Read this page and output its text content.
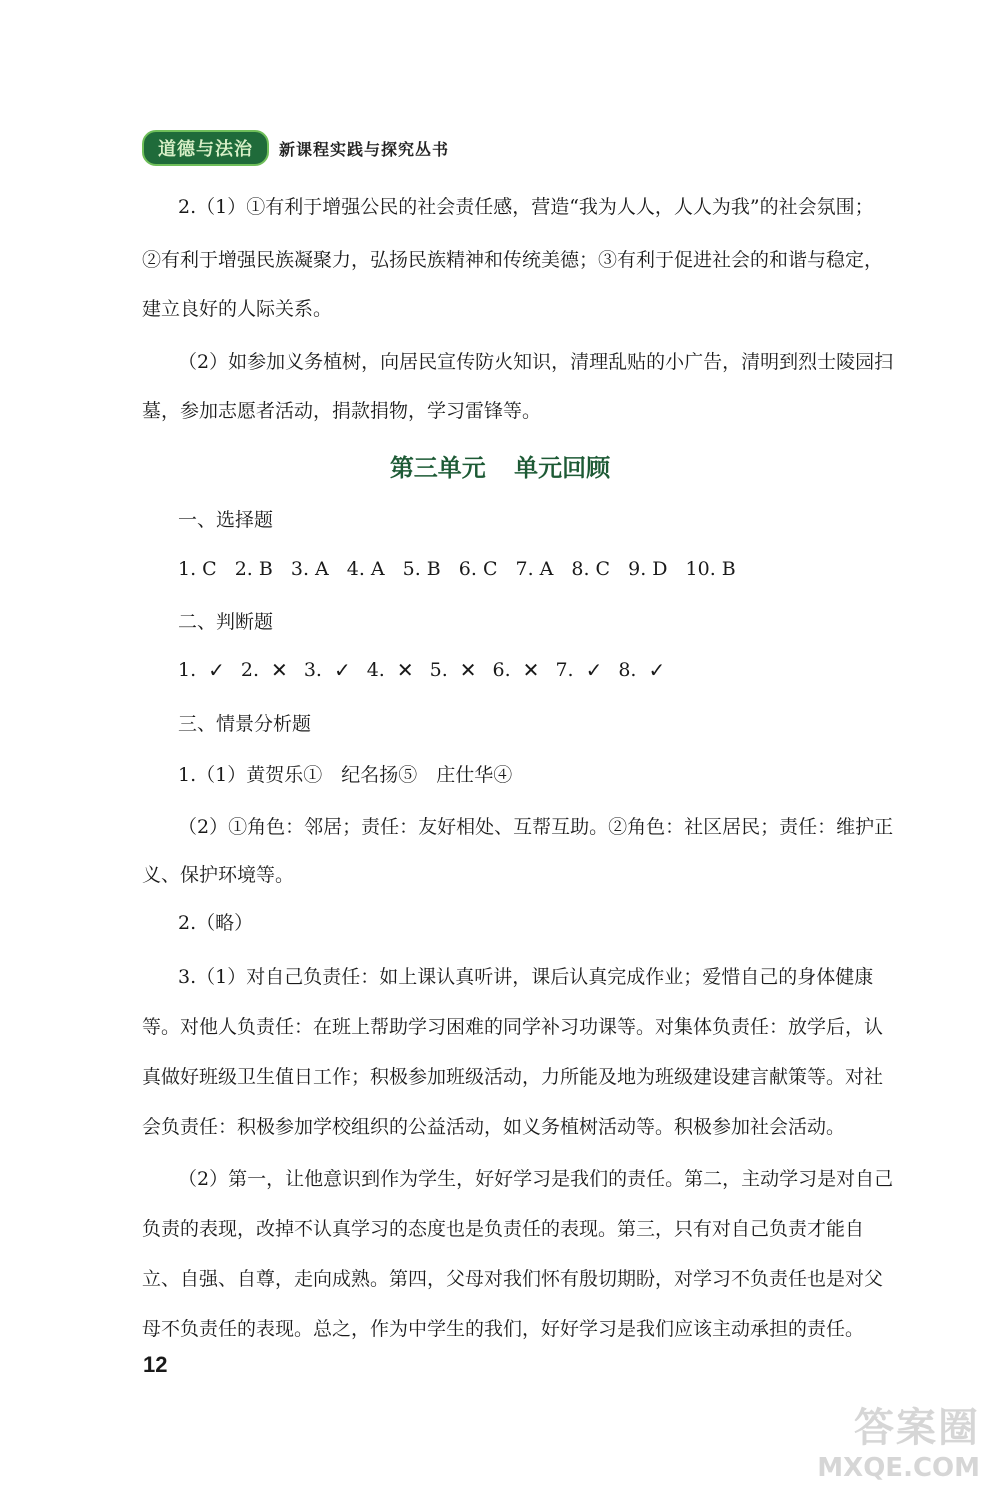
道德与法治	新课程实践与探究丛书
2.（1）①有利于增强公民的社会责任感，营造“我为人人，人人为我”的社会氛围；
②有利于增强民族凝聚力，弘扬民族精神和传统美德；③有利于促进社会的和谐与稳定，
建立良好的人际关系。
（2）如参加义务植树，向居民宣传防火知识，清理乱贴的小广告，清明到烈士陵园扫
墓，参加志愿者活动，捐款捐物，学习雷锋等。
第三单元 单元回顾
一、选择题
1. C 2. B 3. A 4. A 5. B 6. C 7. A 8. C 9. D 10. B
二、判断题
1. ✓ 2. ✕ 3. ✓ 4. ✕ 5. ✕ 6. ✕ 7. ✓ 8. ✓
三、情景分析题
1.（1）黄贺乐①　纪名扬⑤　庄仕华④
（2）①角色：邻居；责任：友好相处、互帮互助。②角色：社区居民；责任：维护正
义、保护环境等。
2.（略）
3.（1）对自己负责任：如上课认真听讲，课后认真完成作业；爱惜自己的身体健康
等。对他人负责任：在班上帮助学习困难的同学补习功课等。对集体负责任：放学后，认
真做好班级卫生值日工作；积极参加班级活动，力所能及地为班级建设建言献策等。对社
会负责任：积极参加学校组织的公益活动，如义务植树活动等。积极参加社会活动。
（2）第一，让他意识到作为学生，好好学习是我们的责任。第二，主动学习是对自己
负责的表现，改掉不认真学习的态度也是负责任的表现。第三，只有对自己负责才能自
立、自强、自尊，走向成熟。第四，父母对我们怀有殷切期盼，对学习不负责任也是对父
母不负责任的表现。总之，作为中学生的我们，好好学习是我们应该主动承担的责任。
12
答案圈
MXQE.COM
